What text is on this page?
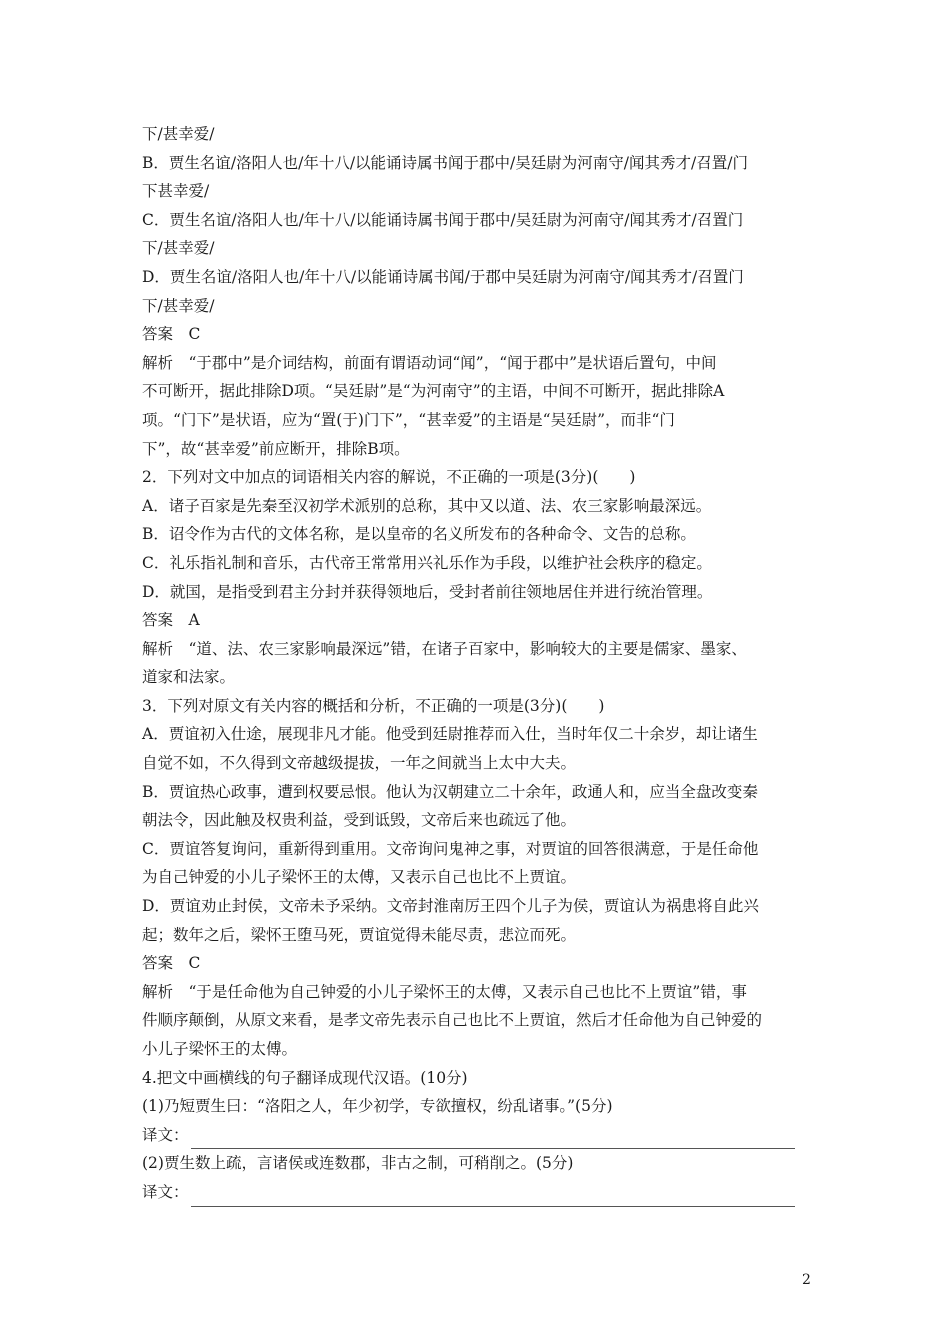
下/甚幸爱/
B．贾生名谊/洛阳人也/年十八/以能诵诗属书闻于郡中/吴廷尉为河南守/闻其秀才/召置/门
下甚幸爱/
C．贾生名谊/洛阳人也/年十八/以能诵诗属书闻于郡中/吴廷尉为河南守/闻其秀才/召置门
下/甚幸爱/
D．贾生名谊/洛阳人也/年十八/以能诵诗属书闻/于郡中吴廷尉为河南守/闻其秀才/召置门
下/甚幸爱/
答案　C
解析　“于郡中”是介词结构，前面有谓语动词“闻”，“闻于郡中”是状语后置句，中间
不可断开，据此排除D项。“吴廷尉”是“为河南守”的主语，中间不可断开，据此排除A
项。“门下”是状语，应为“置(于)门下”，“甚幸爱”的主语是“吴廷尉”，而非“门
下”，故“甚幸爱”前应断开，排除B项。
2．下列对文中加点的词语相关内容的解说，不正确的一项是(3分)(　　)
A．诸子百家是先秦至汉初学术派别的总称，其中又以道、法、农三家影响最深远。
B．诏令作为古代的文体名称，是以皇帝的名义所发布的各种命令、文告的总称。
C．礼乐指礼制和音乐，古代帝王常常用兴礼乐作为手段，以维护社会秩序的稳定。
D．就国，是指受到君主分封并获得领地后，受封者前往领地居住并进行统治管理。
答案　A
解析　“道、法、农三家影响最深远”错，在诸子百家中，影响较大的主要是儒家、墨家、
道家和法家。
3．下列对原文有关内容的概括和分析，不正确的一项是(3分)(　　)
A．贾谊初入仕途，展现非凡才能。他受到廷尉推荐而入仕，当时年仅二十余岁，却让诸生
自觉不如，不久得到文帝越级提拔，一年之间就当上太中大夫。
B．贾谊热心政事，遭到权要忌恨。他认为汉朝建立二十余年，政通人和，应当全盘改变秦
朝法令，因此触及权贵利益，受到诋毁，文帝后来也疏远了他。
C．贾谊答复询问，重新得到重用。文帝询问鬼神之事，对贾谊的回答很满意，于是任命他
为自己钟爱的小儿子梁怀王的太傅，又表示自己也比不上贾谊。
D．贾谊劝止封侯，文帝未予采纳。文帝封淮南厉王四个儿子为侯，贾谊认为祸患将自此兴
起；数年之后，梁怀王堕马死，贾谊觉得未能尽责，悲泣而死。
答案　C
解析　“于是任命他为自己钟爱的小儿子梁怀王的太傅，又表示自己也比不上贾谊”错，事
件顺序颠倒，从原文来看，是孝文帝先表示自己也比不上贾谊，然后才任命他为自己钟爱的
小儿子梁怀王的太傅。
4.把文中画横线的句子翻译成现代汉语。(10分)
(1)乃短贾生曰：“洛阳之人，年少初学，专欲擅权，纷乱诸事。”(5分)
译文：
(2)贾生数上疏，言诸侯或连数郡，非古之制，可稍削之。(5分)
译文：
2
